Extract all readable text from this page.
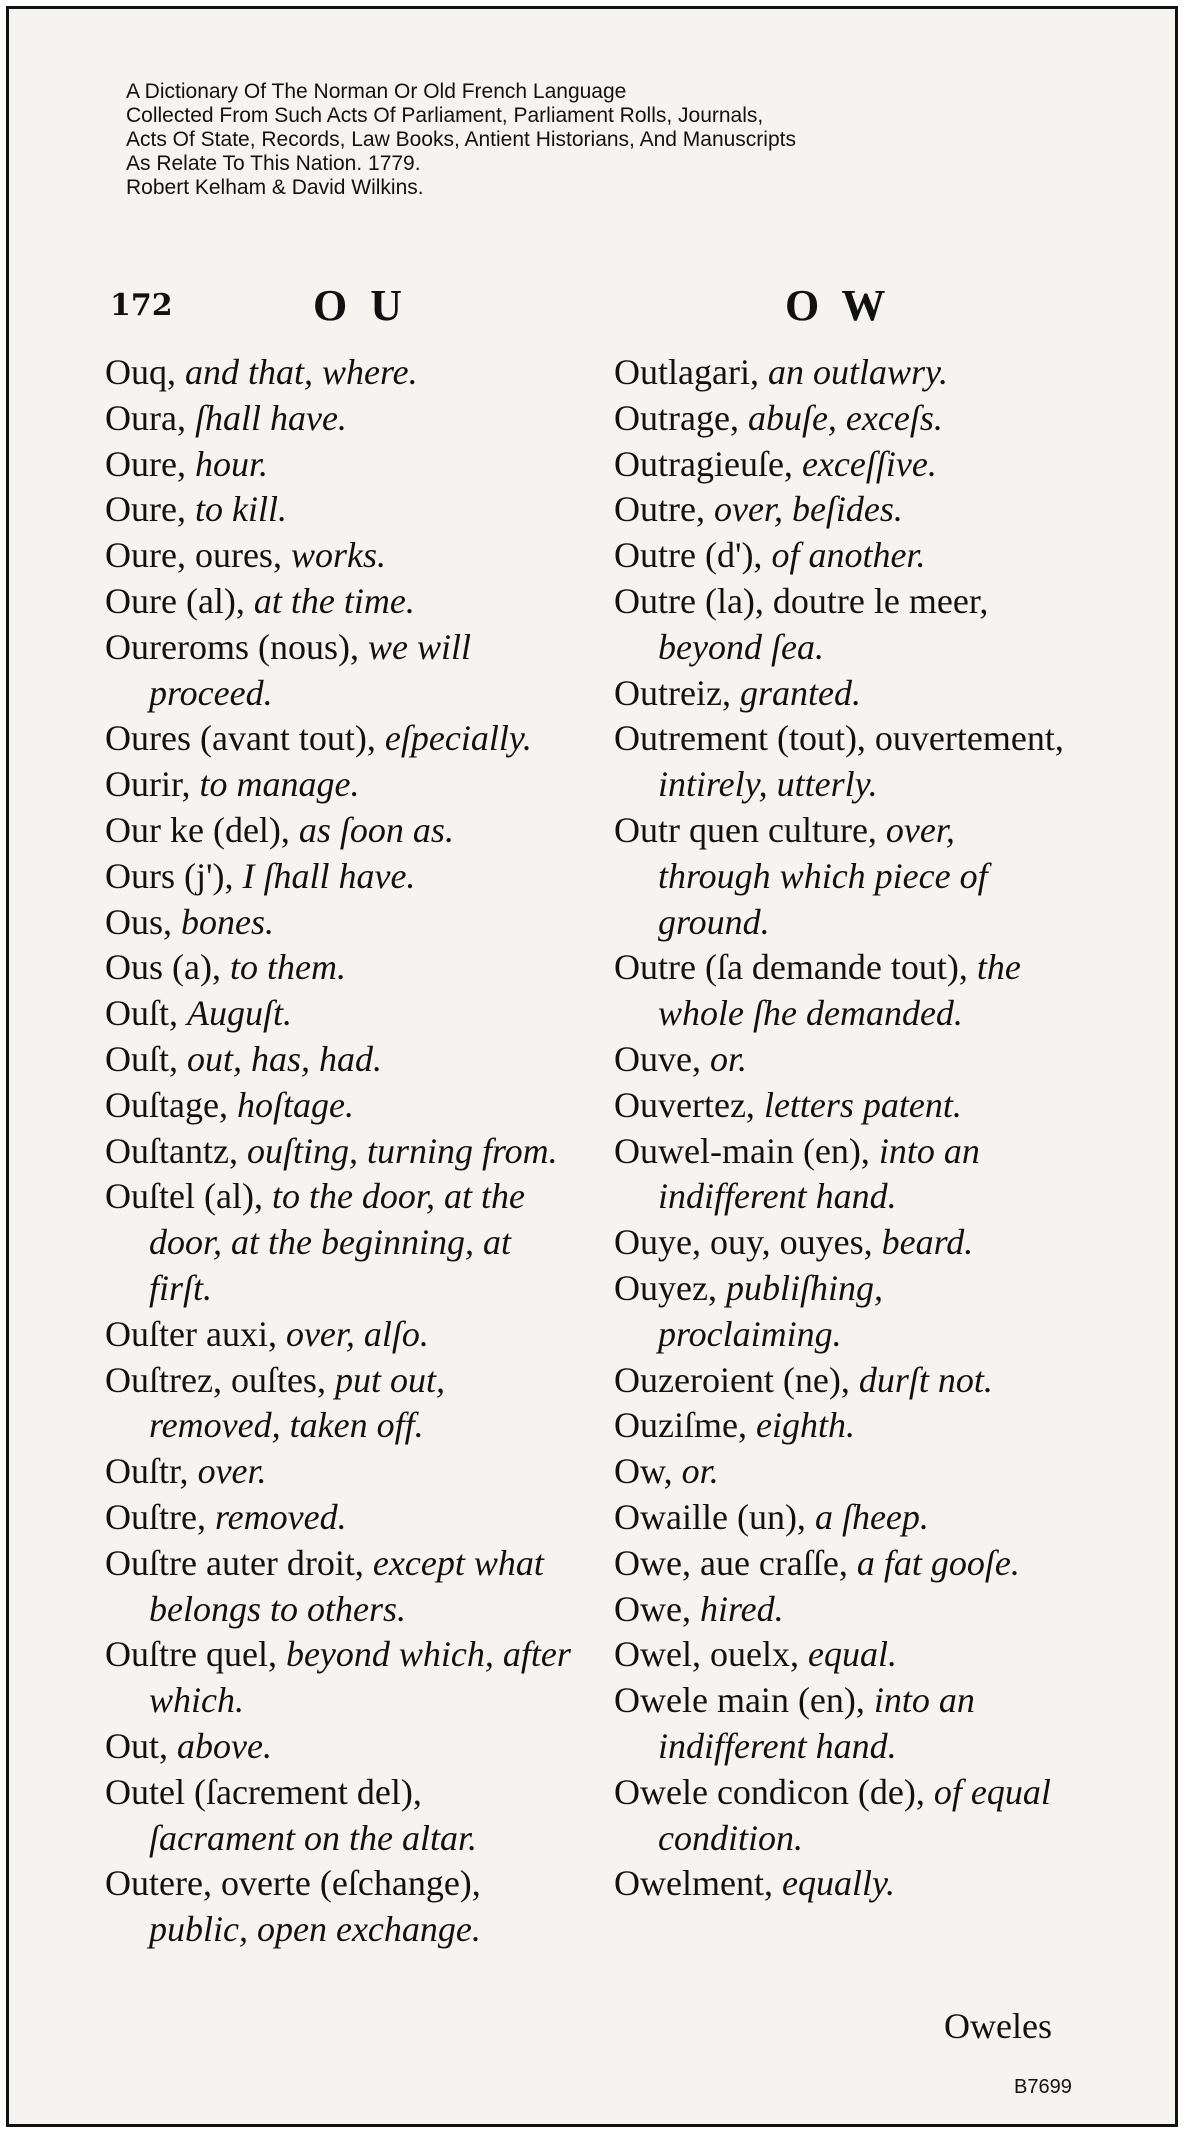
A Dictionary Of The Norman Or Old French Language
Collected From Such Acts Of Parliament, Parliament Rolls, Journals,
Acts Of State, Records, Law Books, Antient Historians, And Manuscripts
As Relate To This Nation. 1779.
Robert Kelham & David Wilkins.
172	O U	O W
Ouq, and that, where.
Oura, ſhall have.
Oure, hour.
Oure, to kill.
Oure, oures, works.
Oure (al), at the time.
Oureroms (nous), we will proceed.
Oures (avant tout), eſpecially.
Ourir, to manage.
Our ke (del), as ſoon as.
Ours (j'), I ſhall have.
Ous, bones.
Ous (a), to them.
Ouſt, Auguſt.
Ouſt, out, has, had.
Ouſtage, hoſtage.
Ouſtantz, ouſting, turning from.
Ouſtel (al), to the door, at the door, at the beginning, at firſt.
Ouſter auxi, over, alſo.
Ouſtrez, ouſtes, put out, removed, taken off.
Ouſtr, over.
Ouſtre, removed.
Ouſtre auter droit, except what belongs to others.
Ouſtre quel, beyond which, after which.
Out, above.
Outel (ſacrement del), ſacrament on the altar.
Outere, overte (eſchange), public, open exchange.
Outlagari, an outlawry.
Outrage, abuſe, exceſs.
Outragieuſe, exceſſive.
Outre, over, beſides.
Outre (d'), of another.
Outre (la), doutre le meer, beyond ſea.
Outreiz, granted.
Outrement (tout), ouvertement, intirely, utterly.
Outr quen culture, over, through which piece of ground.
Outre (ſa demande tout), the whole ſhe demanded.
Ouve, or.
Ouvertez, letters patent.
Ouwel-main (en), into an indifferent hand.
Ouye, ouy, ouyes, beard.
Ouyez, publiſhing, proclaiming.
Ouzeroient (ne), durſt not.
Ouziſme, eighth.
Ow, or.
Owaille (un), a ſheep.
Owe, aue craſſe, a fat gooſe.
Owe, hired.
Owel, ouelx, equal.
Owele main (en), into an indifferent hand.
Owele condicon (de), of equal condition.
Owelment, equally.
Oweles
B7699
